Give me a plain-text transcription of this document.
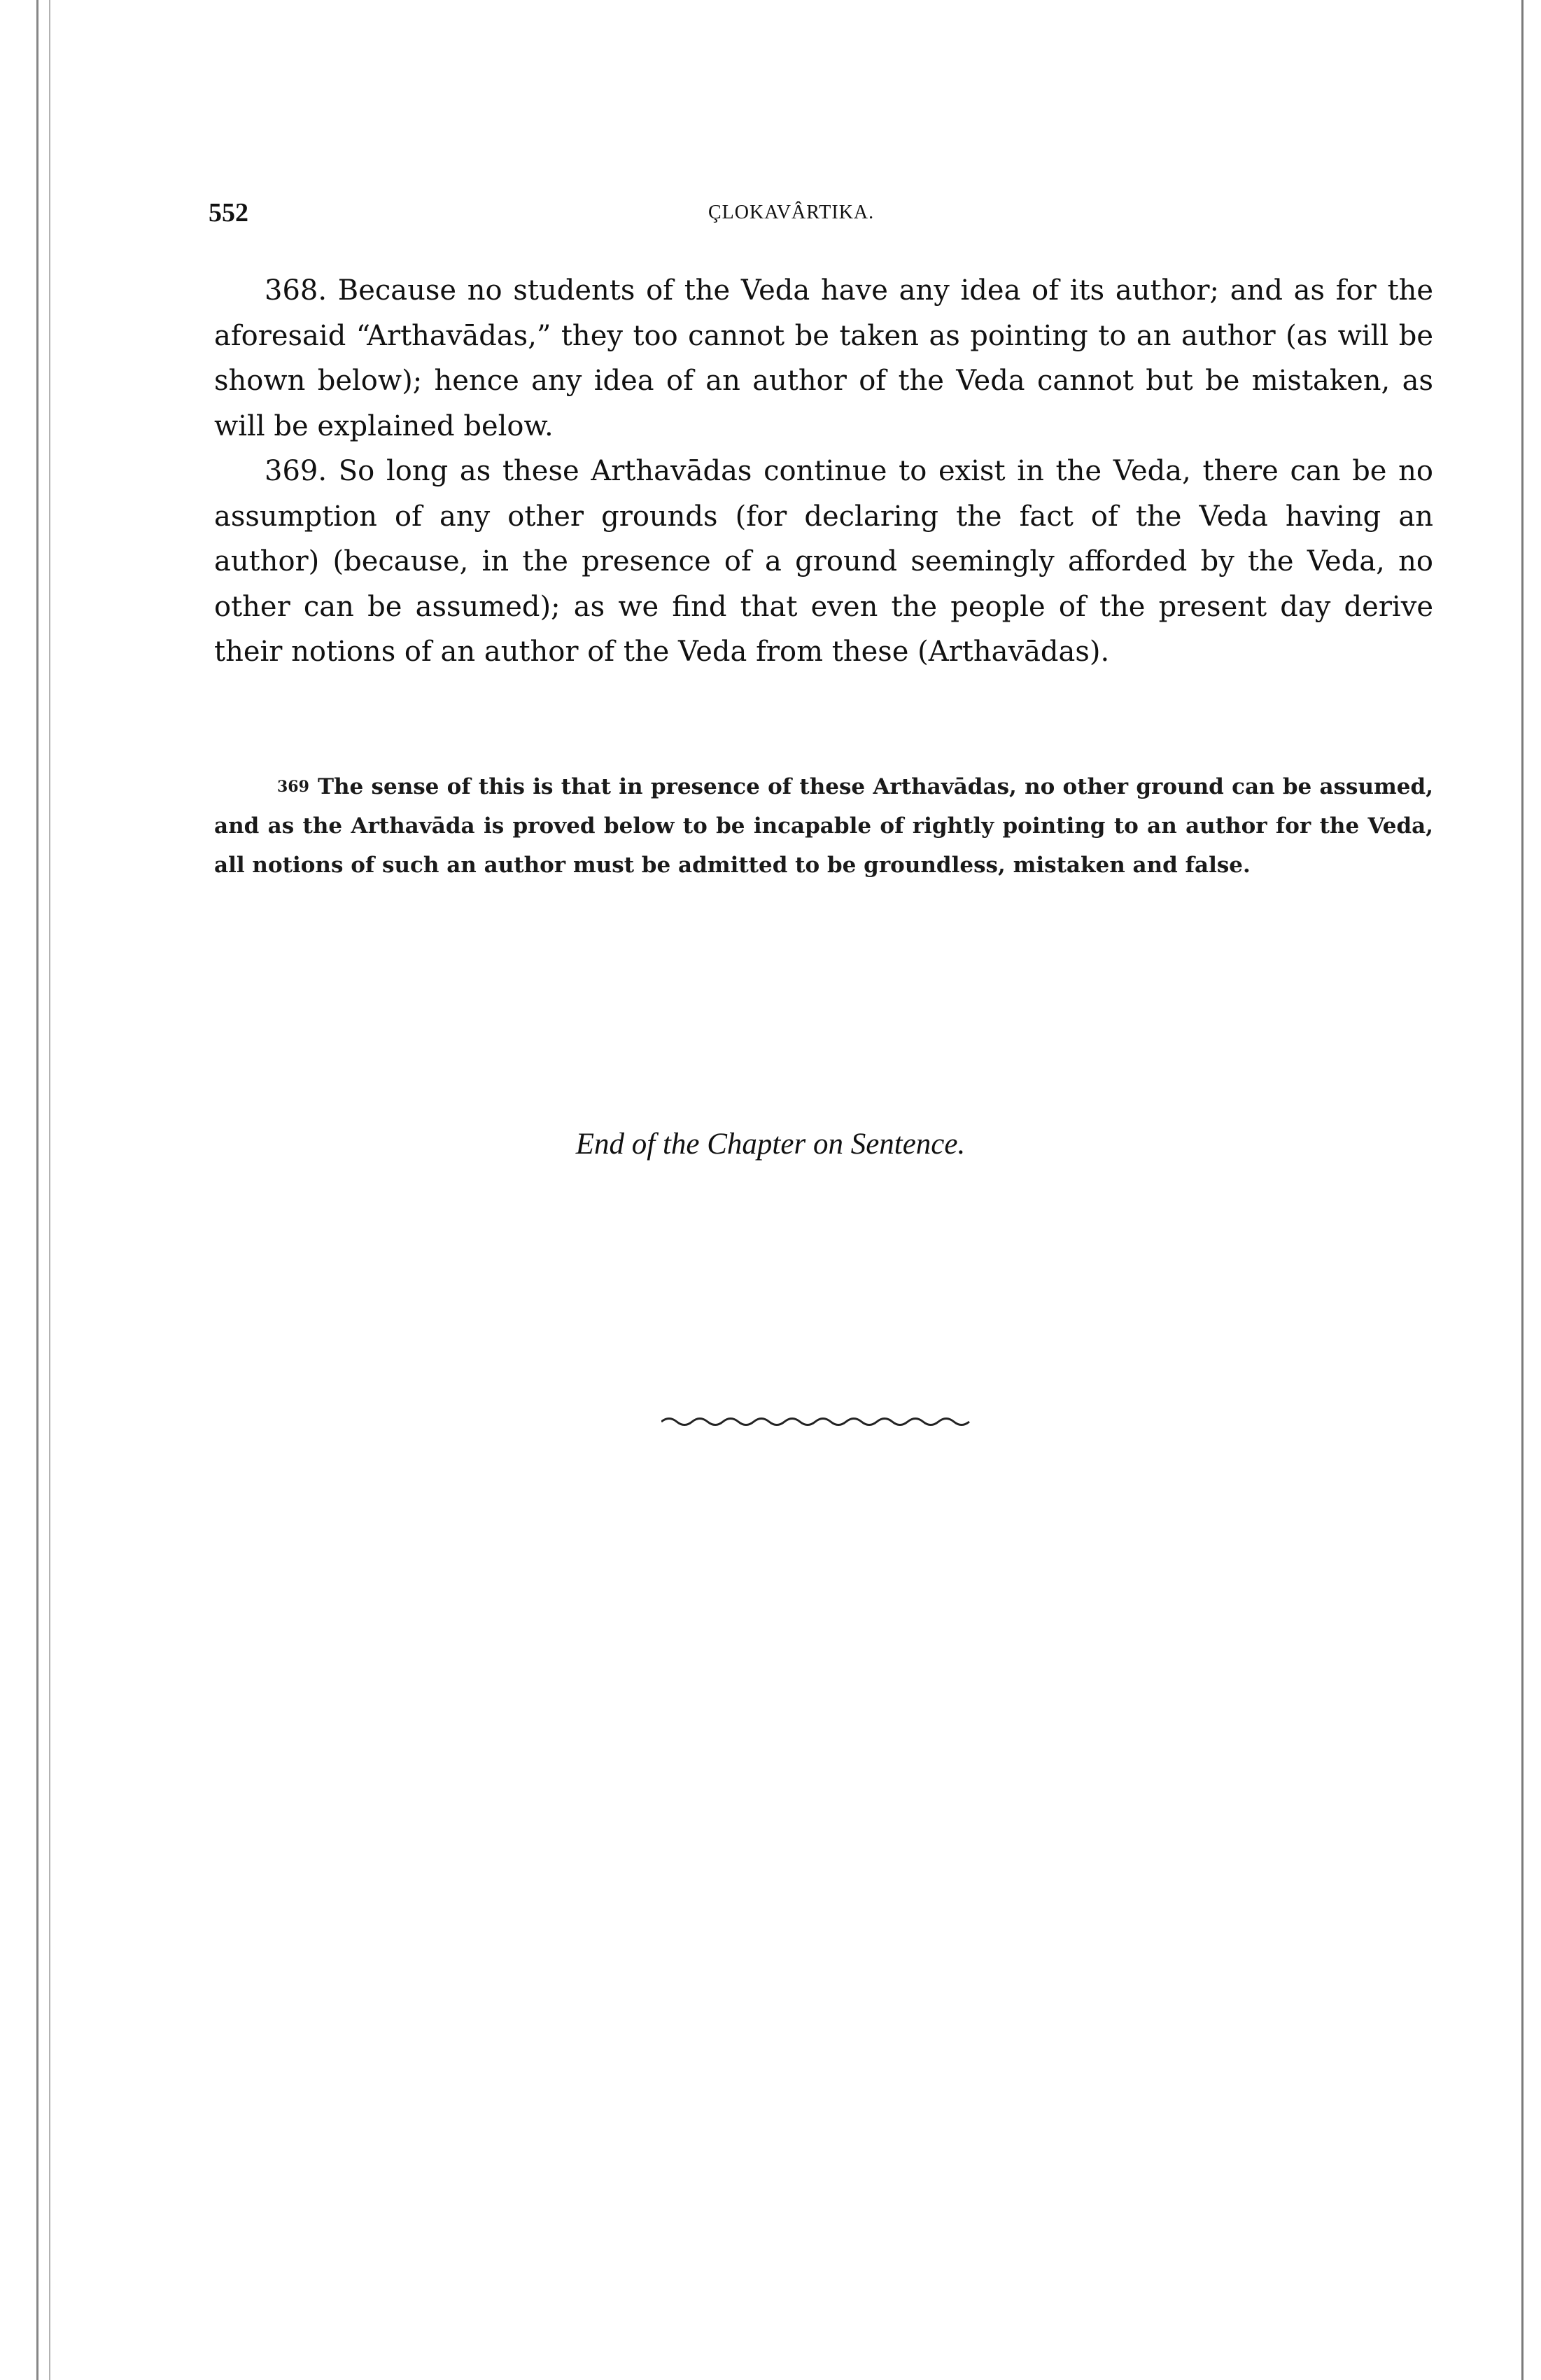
552	ÇLOKAVÂRTIKA.

368. Because no students of the Veda have any idea of its author; and as for the aforesaid “Arthavādas,” they too cannot be taken as pointing to an author (as will be shown below); hence any idea of an author of the Veda cannot but be mistaken, as will be explained below.

369. So long as these Arthavādas continue to exist in the Veda, there can be no assumption of any other grounds (for declaring the fact of the Veda having an author) (because, in the presence of a ground seemingly afforded by the Veda, no other can be assumed); as we find that even the people of the present day derive their notions of an author of the Veda from these (Arthavādas).

369 The sense of this is that in presence of these Arthavādas, no other ground can be assumed, and as the Arthavāda is proved below to be incapable of rightly pointing to an author for the Veda, all notions of such an author must be admitted to be groundless, mistaken and false.

End of the Chapter on Sentence.
